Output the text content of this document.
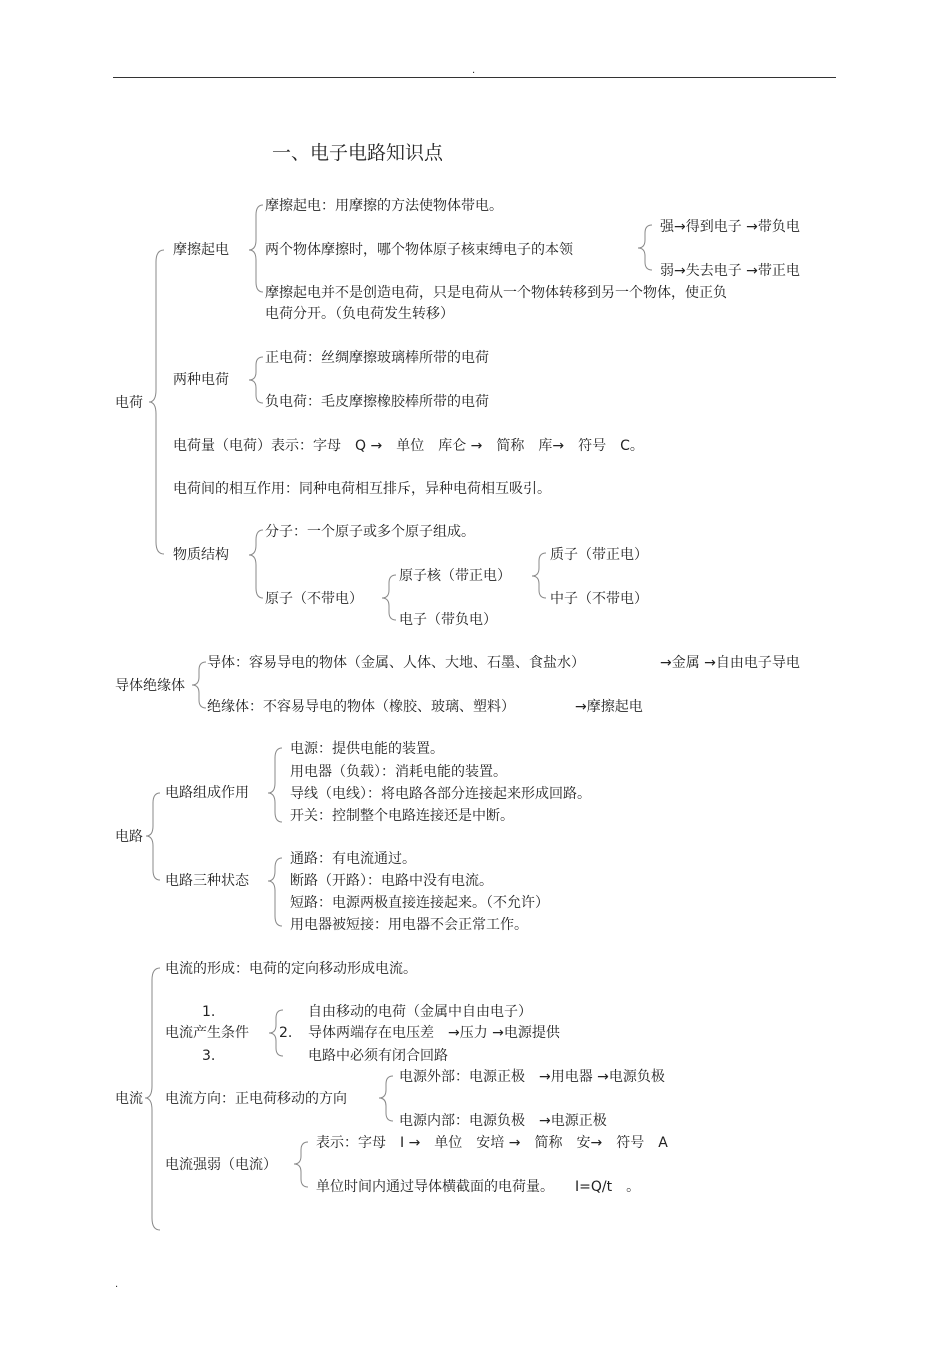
.
一、电子电路知识点
电荷
摩擦起电
摩擦起电：用摩擦的方法使物体带电。
两个物体摩擦时，哪个物体原子核束缚电子的本领
强→得到电子 →带负电
弱→失去电子 →带正电
摩擦起电并不是创造电荷，只是电荷从一个物体转移到另一个物体，使正负
电荷分开。（负电荷发生转移）
两种电荷
正电荷：丝绸摩擦玻璃棒所带的电荷
负电荷：毛皮摩擦橡胶棒所带的电荷
电荷量（电荷）表示：字母　Q →　单位　库仑 →　简称　库→　符号　C。
电荷间的相互作用：同种电荷相互排斥，异种电荷相互吸引。
物质结构
分子：一个原子或多个原子组成。
原子（不带电）
原子核（带正电）
电子（带负电）
质子（带正电）
中子（不带电）
导体绝缘体
导体：容易导电的物体（金属、人体、大地、石墨、食盐水）	→金属 →自由电子导电
绝缘体：不容易导电的物体（橡胶、玻璃、塑料）	→摩擦起电
电路
电路组成作用
电源：提供电能的装置。
用电器（负载）：消耗电能的装置。
导线（电线）：将电路各部分连接起来形成回路。
开关：控制整个电路连接还是中断。
电路三种状态
通路：有电流通过。
断路（开路）：电路中没有电流。
短路：电源两极直接连接起来。（不允许）
用电器被短接：用电器不会正常工作。
电流
电流的形成：电荷的定向移动形成电流。
电流产生条件
1.
2.
3.
自由移动的电荷（金属中自由电子）
导体两端存在电压差　→压力 →电源提供
电路中必须有闭合回路
电流方向：正电荷移动的方向
电源外部：电源正极　→用电器 →电源负极
电源内部：电源负极　→电源正极
电流强弱（电流）
表示：字母　I →　单位　安培 →　简称　安→　符号　A
单位时间内通过导体横截面的电荷量。　　I=Q/t　。
.
